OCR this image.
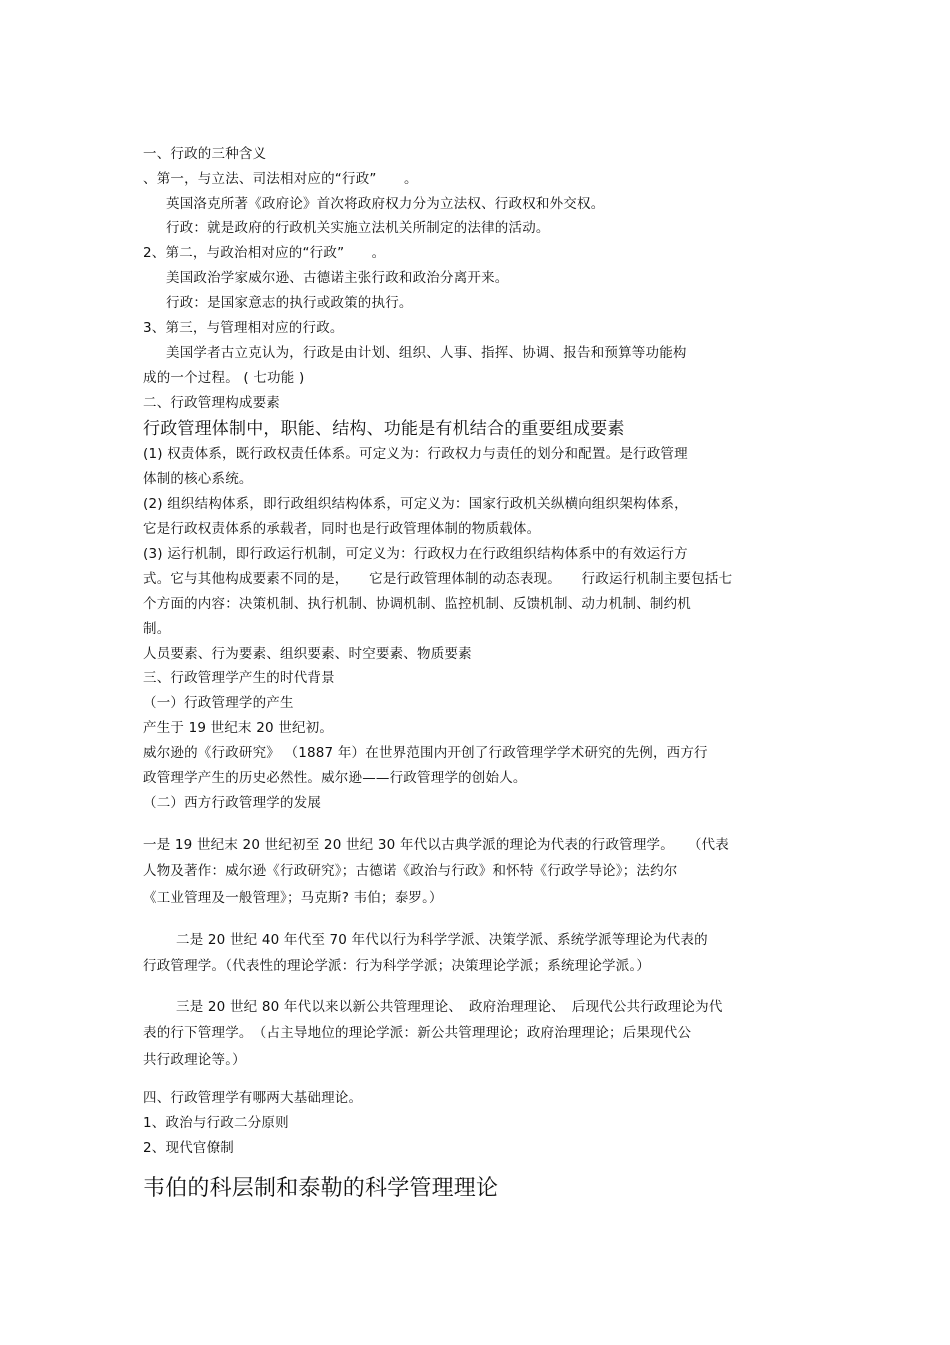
一、行政的三种含义
、第一，与立法、司法相对应的“行政”　　。
英国洛克所著《政府论》首次将政府权力分为立法权、行政权和外交权。
行政：就是政府的行政机关实施立法机关所制定的法律的活动。
2、第二，与政治相对应的“行政”　　。
美国政治学家威尔逊、古德诺主张行政和政治分离开来。
行政：是国家意志的执行或政策的执行。
3、第三，与管理相对应的行政。
美国学者古立克认为，行政是由计划、组织、人事、指挥、协调、报告和预算等功能构
成的一个过程。 ( 七功能 )
二、行政管理构成要素
行政管理体制中，职能、结构、功能是有机结合的重要组成要素
(1) 权责体系，既行政权责任体系。可定义为：行政权力与责任的划分和配置。是行政管理
体制的核心系统。
(2) 组织结构体系，即行政组织结构体系，可定义为：国家行政机关纵横向组织架构体系，
它是行政权责体系的承载者，同时也是行政管理体制的物质载体。
(3) 运行机制，即行政运行机制，可定义为：行政权力在行政组织结构体系中的有效运行方
式。它与其他构成要素不同的是，　　它是行政管理体制的动态表现。　　行政运行机制主要包括七
个方面的内容：决策机制、执行机制、协调机制、监控机制、反馈机制、动力机制、制约机
制。
人员要素、行为要素、组织要素、时空要素、物质要素
三、行政管理学产生的时代背景
（一）行政管理学的产生
产生于 19 世纪末 20 世纪初。
威尔逊的《行政研究》 （1887 年）在世界范围内开创了行政管理学学术研究的先例，西方行
政管理学产生的历史必然性。威尔逊——行政管理学的创始人。
（二）西方行政管理学的发展
一是 19 世纪末 20 世纪初至 20 世纪 30 年代以古典学派的理论为代表的行政管理学。　　（代表
人物及著作：威尔逊《行政研究》；古德诺《政治与行政》和怀特《行政学导论》；法约尔
《工业管理及一般管理》；马克斯? 韦伯；泰罗。）
二是 20 世纪 40 年代至 70 年代以行为科学学派、决策学派、系统学派等理论为代表的
行政管理学。（代表性的理论学派：行为科学学派；决策理论学派；系统理论学派。）
三是 20 世纪 80 年代以来以新公共管理理论、　政府治理理论、　后现代公共行政理论为代
表的行下管理学。　（占主导地位的理论学派：新公共管理理论；政府治理理论；后果现代公
共行政理论等。）
四、行政管理学有哪两大基础理论。
1、政治与行政二分原则
2、现代官僚制
韦伯的科层制和泰勒的科学管理理论
